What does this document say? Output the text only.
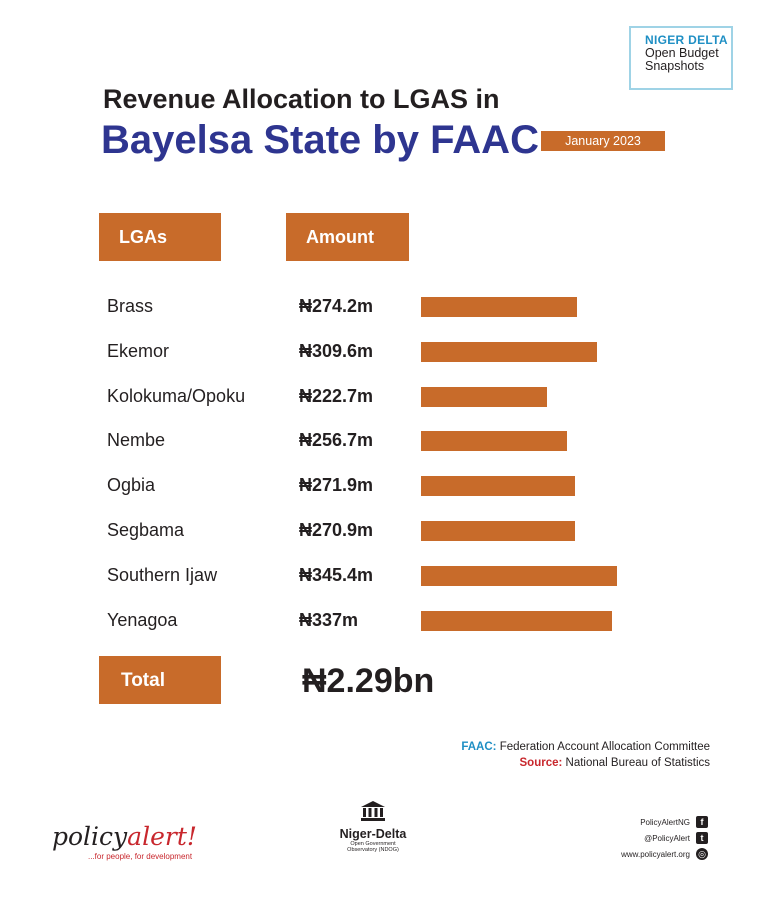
NIGER DELTA
Open Budget
Snapshots
Revenue Allocation to LGAS in
Bayelsa State by FAAC	January 2023
LGAs	Amount
Brass	₦274.2m
Ekemor	₦309.6m
Kolokuma/Opoku	₦222.7m
Nembe	₦256.7m
Ogbia	₦271.9m
Segbama	₦270.9m
Southern Ijaw	₦345.4m
Yenagoa	₦337m
Total	₦2.29bn
FAAC: Federation Account Allocation Committee
Source: National Bureau of Statistics
policyalert!
...for people, for development
Niger-Delta
Open Government Observatory (NDOG)
PolicyAlertNG	f
@PolicyAlert	t
www.policyalert.org ◎
